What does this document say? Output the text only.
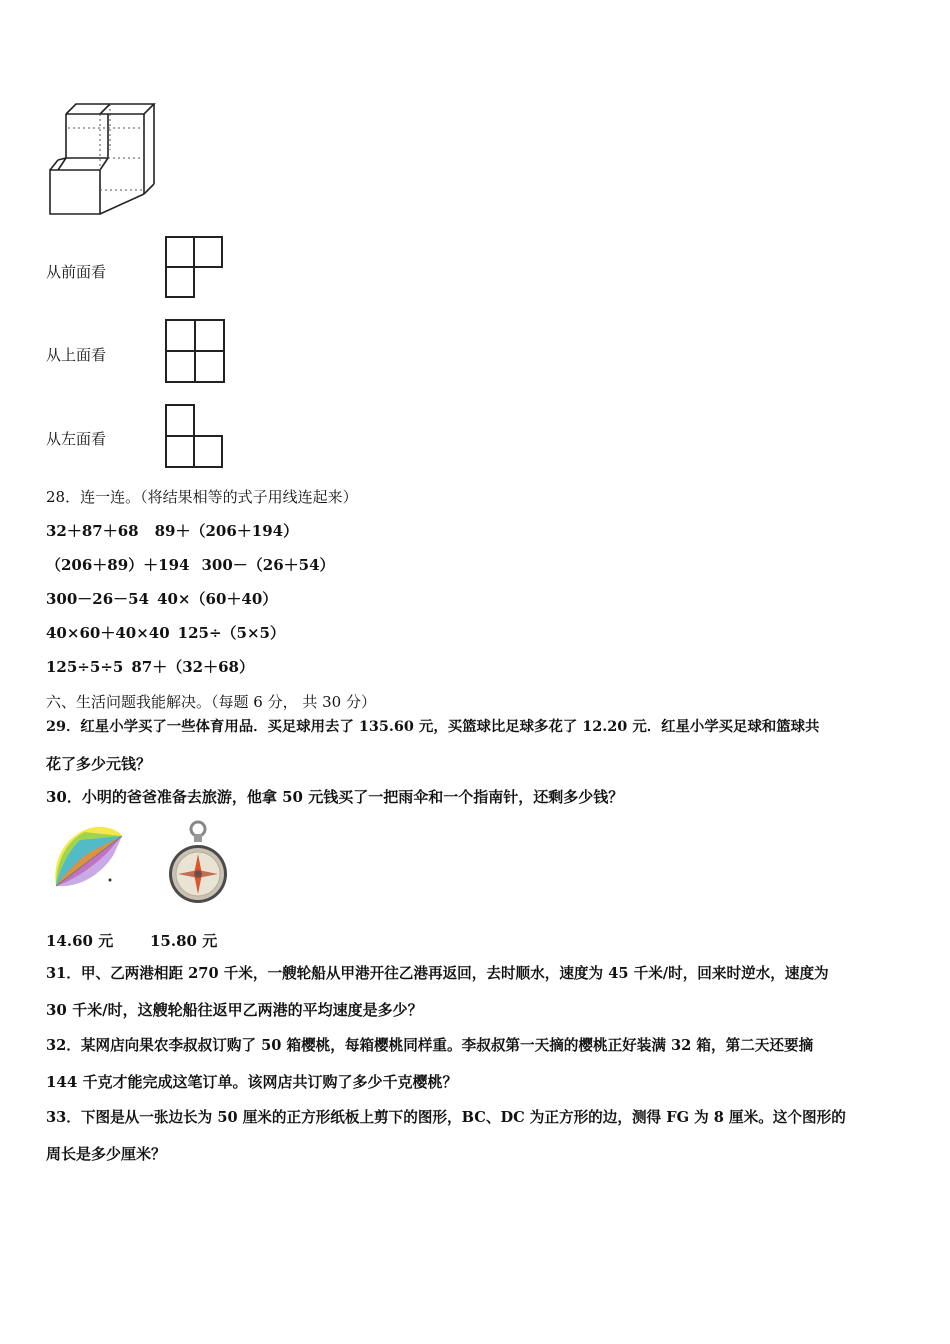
从前面看
从上面看
从左面看
28．连一连。（将结果相等的式子用线连起来）
32＋87＋68 89＋（206＋194）
（206＋89）＋194 300－（26＋54）
300－26－54 40×（60＋40）
40×60＋40×40 125÷（5×5）
125÷5÷5 87＋（32＋68）
六、生活问题我能解决。（每题 6 分， 共 30 分）
29．红星小学买了一些体育用品．买足球用去了 135.60 元，买篮球比足球多花了 12.20 元．红星小学买足球和篮球共
花了多少元钱？
30．小明的爸爸准备去旅游，他拿 50 元钱买了一把雨伞和一个指南针，还剩多少钱？
14.60 元 15.80 元
31．甲、乙两港相距 270 千米，一艘轮船从甲港开往乙港再返回，去时顺水，速度为 45 千米/时，回来时逆水，速度为
30 千米/时，这艘轮船往返甲乙两港的平均速度是多少？
32．某网店向果农李叔叔订购了 50 箱樱桃，每箱樱桃同样重。李叔叔第一天摘的樱桃正好装满 32 箱，第二天还要摘
144 千克才能完成这笔订单。该网店共订购了多少千克樱桃？
33．下图是从一张边长为 50 厘米的正方形纸板上剪下的图形，BC、DC 为正方形的边，测得 FG 为 8 厘米。这个图形的
周长是多少厘米？
